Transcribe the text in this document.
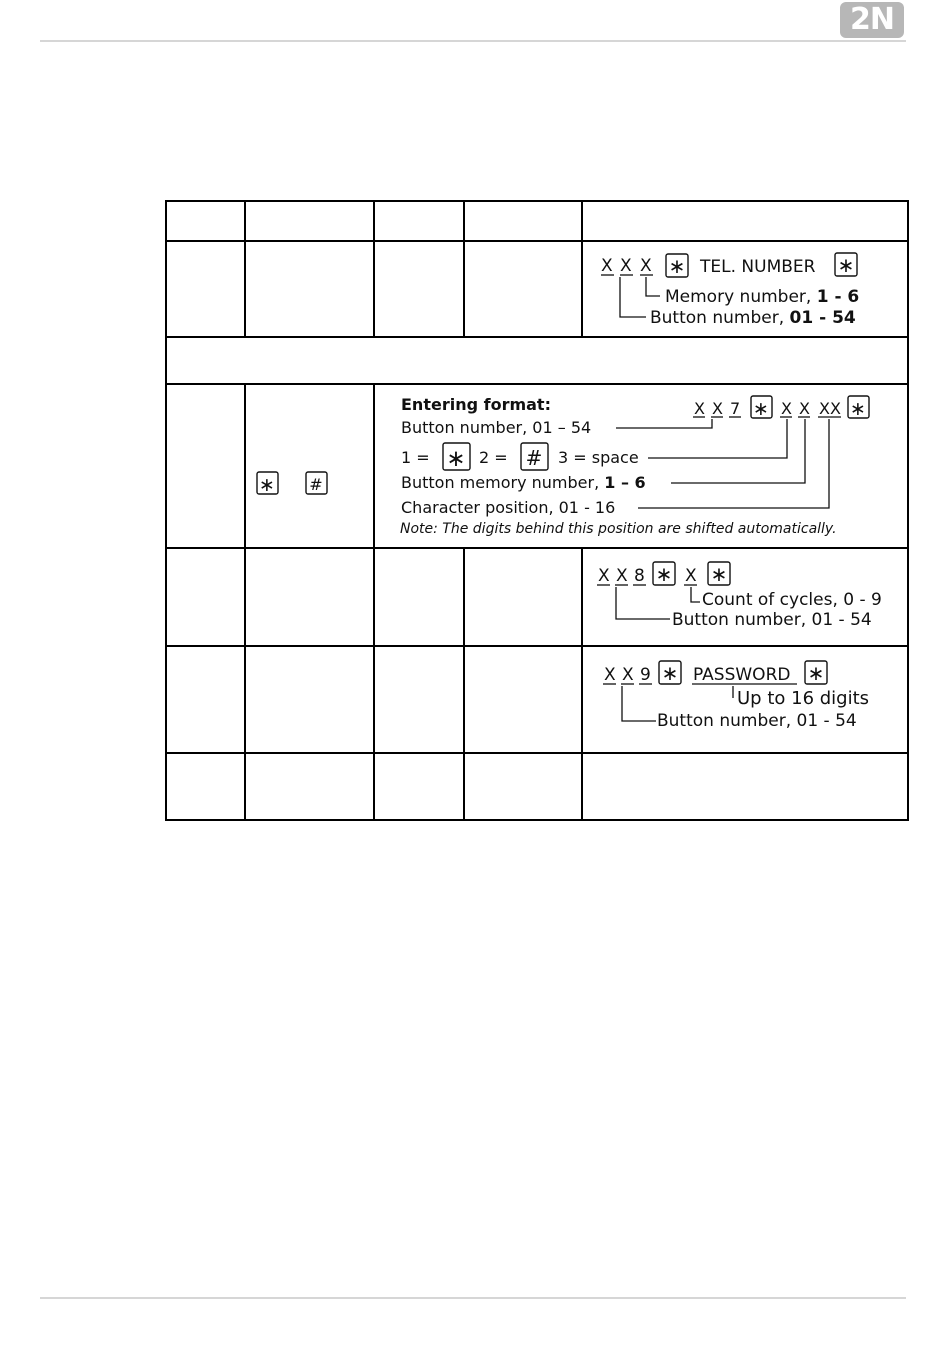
2N
X X X ∗ TEL. NUMBER ∗
Memory number, 1 - 6
Button number, 01 - 54
Entering format:	X X 7 ∗ X X XX ∗
Button number, 01 – 54
1 = ∗ 2 = # 3 = space
Button memory number, 1 – 6
Character position, 01 - 16
Note: The digits behind this position are shifted automatically.
∗ #
X X 8 ∗ X ∗
Count of cycles, 0 - 9
Button number, 01 - 54
X X 9 ∗ PASSWORD ∗
Up to 16 digits
Button number, 01 - 54
